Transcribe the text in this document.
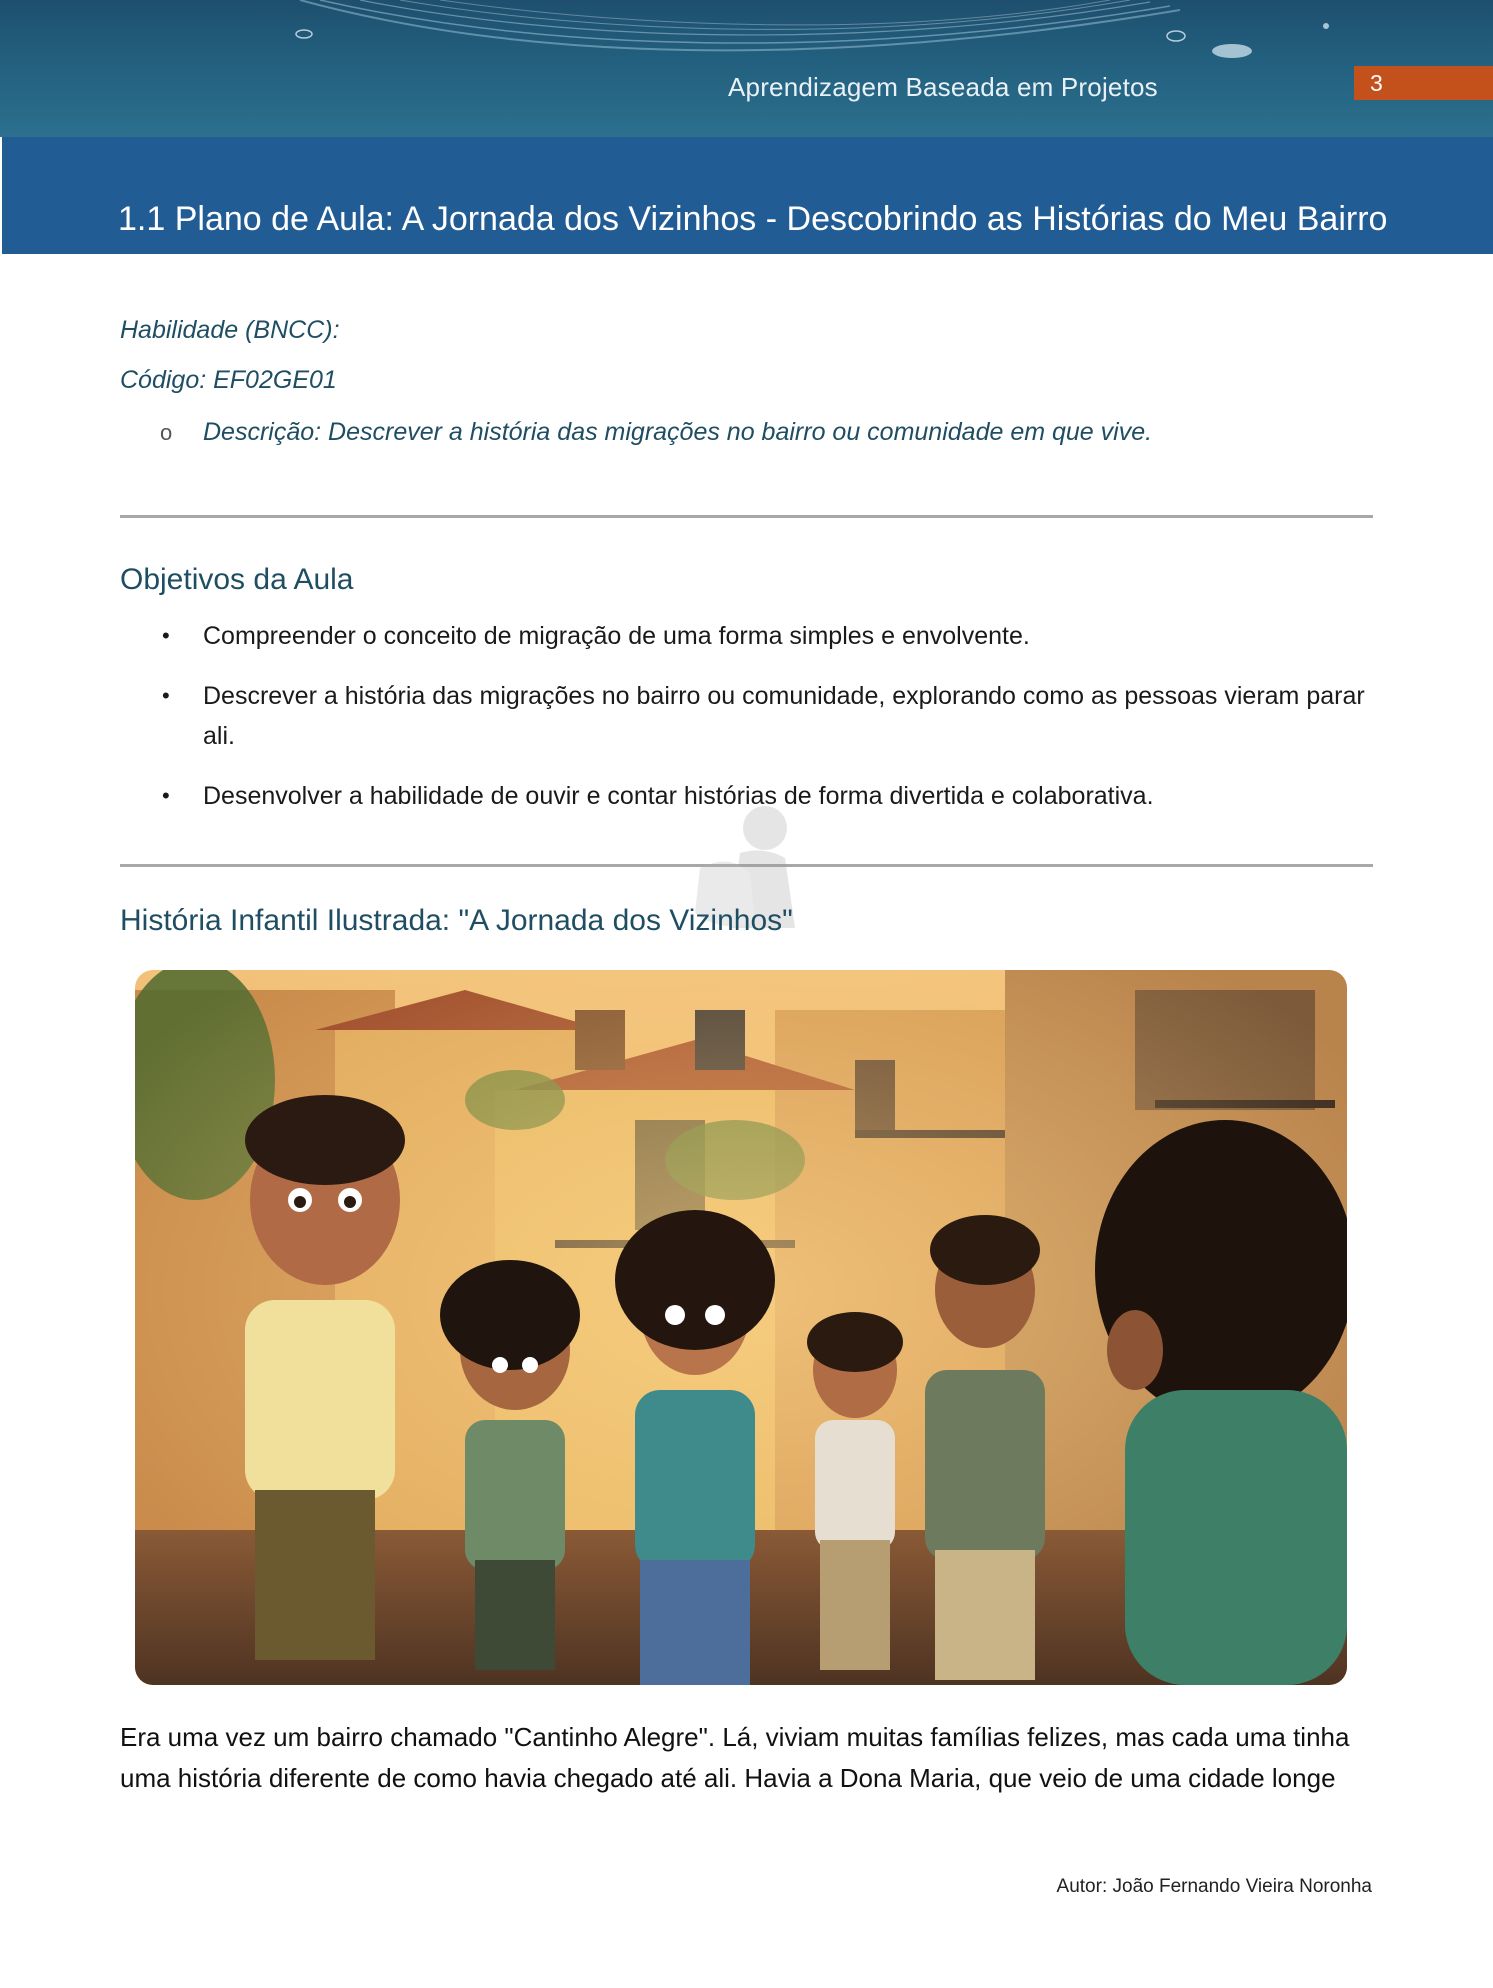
Aprendizagem Baseada em Projetos	3
1.1 Plano de Aula: A Jornada dos Vizinhos - Descobrindo as Histórias do Meu Bairro
Habilidade (BNCC):
Código: EF02GE01
o Descrição: Descrever a história das migrações no bairro ou comunidade em que vive.
Objetivos da Aula
• Compreender o conceito de migração de uma forma simples e envolvente.
• Descrever a história das migrações no bairro ou comunidade, explorando como as pessoas vieram parar ali.
• Desenvolver a habilidade de ouvir e contar histórias de forma divertida e colaborativa.
História Infantil Ilustrada: "A Jornada dos Vizinhos"
Era uma vez um bairro chamado "Cantinho Alegre". Lá, viviam muitas famílias felizes, mas cada uma tinha uma história diferente de como havia chegado até ali. Havia a Dona Maria, que veio de uma cidade longe
Autor: João Fernando Vieira Noronha
